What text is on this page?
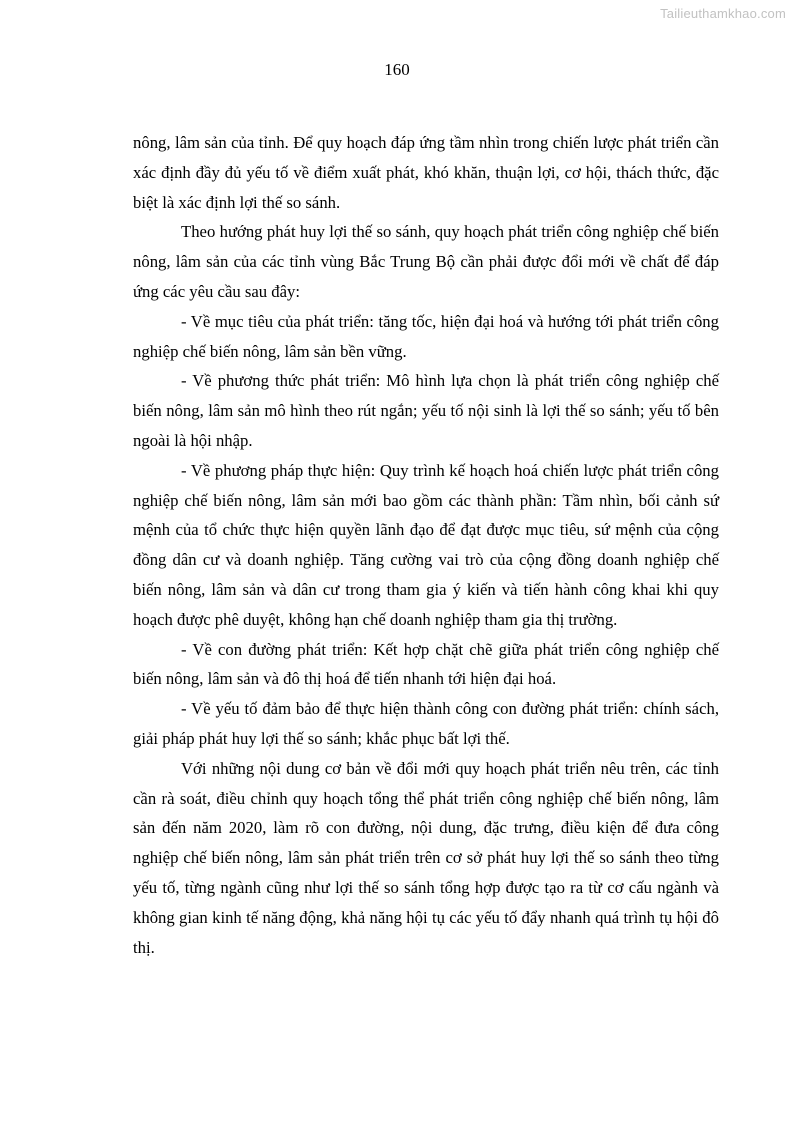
Tailieuthamkhao.com
160

nông, lâm sản của tỉnh. Để quy hoạch đáp ứng tầm nhìn trong chiến lược phát triển cần xác định đầy đủ yếu tố về điểm xuất phát, khó khăn, thuận lợi, cơ hội, thách thức, đặc biệt là xác định lợi thế so sánh.

Theo hướng phát huy lợi thế so sánh, quy hoạch phát triển công nghiệp chế biến nông, lâm sản của các tỉnh vùng Bắc Trung Bộ cần phải được đổi mới về chất để đáp ứng các yêu cầu sau đây:

- Về mục tiêu của phát triển: tăng tốc, hiện đại hoá và hướng tới phát triển công nghiệp chế biến nông, lâm sản bền vững.

- Về phương thức phát triển: Mô hình lựa chọn là phát triển công nghiệp chế biến nông, lâm sản mô hình theo rút ngắn; yếu tố nội sinh là lợi thế so sánh; yếu tố bên ngoài là hội nhập.

- Về phương pháp thực hiện: Quy trình kế hoạch hoá chiến lược phát triển công nghiệp chế biến nông, lâm sản mới bao gồm các thành phần: Tầm nhìn, bối cảnh sứ mệnh của tổ chức thực hiện quyền lãnh đạo để đạt được mục tiêu, sứ mệnh của cộng đồng dân cư và doanh nghiệp. Tăng cường vai trò của cộng đồng doanh nghiệp chế biến nông, lâm sản và dân cư trong tham gia ý kiến và tiến hành công khai khi quy hoạch được phê duyệt, không hạn chế doanh nghiệp tham gia thị trường.

- Về con đường phát triển: Kết hợp chặt chẽ giữa phát triển công nghiệp chế biến nông, lâm sản và đô thị hoá để tiến nhanh tới hiện đại hoá.

- Về yếu tố đảm bảo để thực hiện thành công con đường phát triển: chính sách, giải pháp phát huy lợi thế so sánh; khắc phục bất lợi thế.

Với những nội dung cơ bản về đổi mới quy hoạch phát triển nêu trên, các tỉnh cần rà soát, điều chỉnh quy hoạch tổng thể phát triển công nghiệp chế biến nông, lâm sản đến năm 2020, làm rõ con đường, nội dung, đặc trưng, điều kiện để đưa công nghiệp chế biến nông, lâm sản phát triển trên cơ sở phát huy lợi thế so sánh theo từng yếu tố, từng ngành cũng như lợi thế so sánh tổng hợp được tạo ra từ cơ cấu ngành và không gian kinh tế năng động, khả năng hội tụ các yếu tố đẩy nhanh quá trình tụ hội đô thị.
